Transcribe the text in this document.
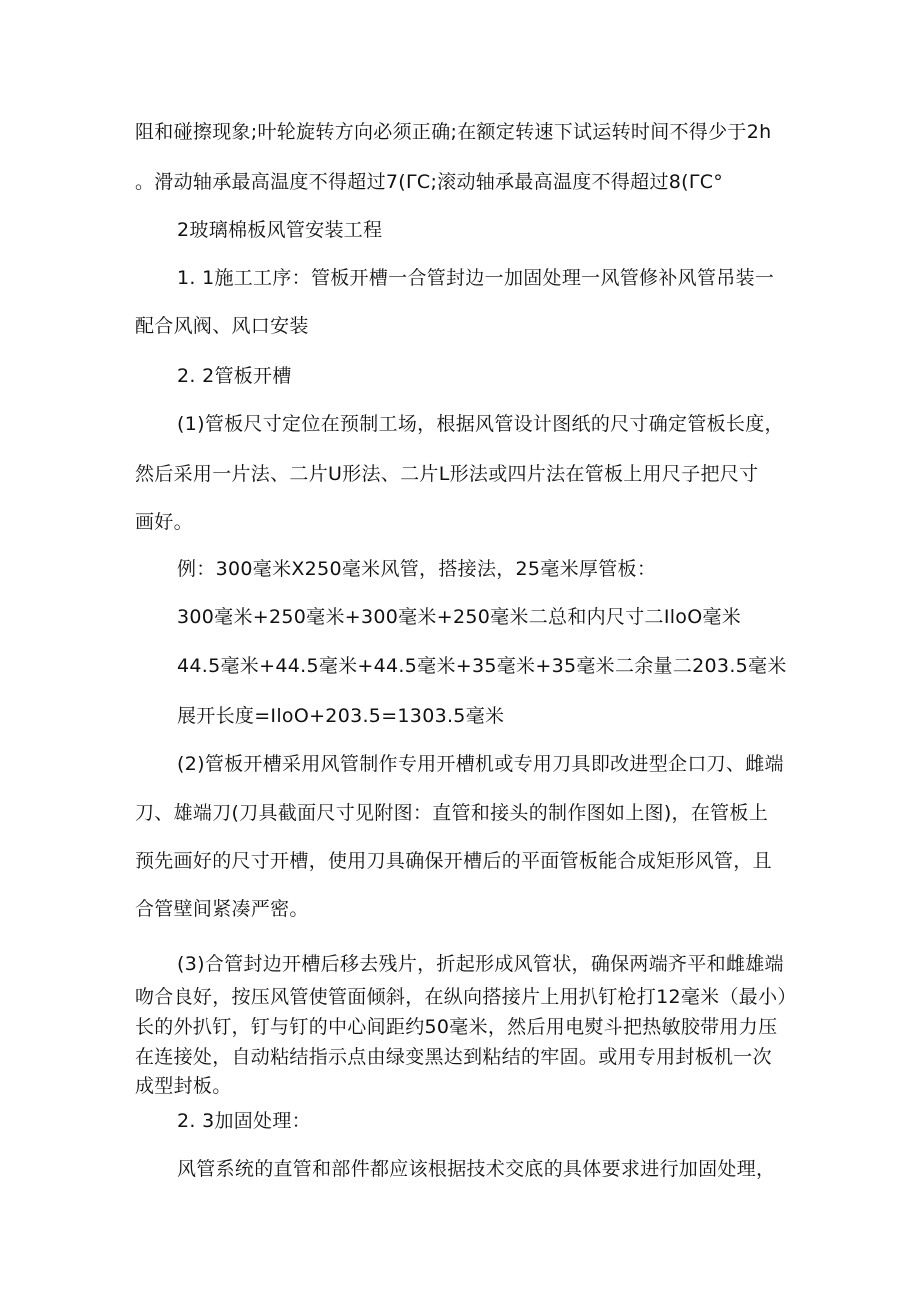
阻和碰擦现象;叶轮旋转方向必须正确;在额定转速下试运转时间不得少于2h

。滑动轴承最高温度不得超过7(ΓC;滚动轴承最高温度不得超过8(ΓC°

2玻璃棉板风管安装工程

1. 1施工工序：管板开槽一合管封边一加固处理一风管修补风管吊装一

配合风阀、风口安装

2. 2管板开槽

(1)管板尺寸定位在预制工场，根据风管设计图纸的尺寸确定管板长度，

然后采用一片法、二片U形法、二片L形法或四片法在管板上用尺子把尺寸

画好。

例：300毫米X250毫米风管，搭接法，25毫米厚管板：

300毫米+250毫米+300毫米+250毫米二总和内尺寸二IloO毫米

44.5毫米+44.5毫米+44.5毫米+35毫米+35毫米二余量二203.5毫米

展开长度=IloO+203.5=1303.5毫米

(2)管板开槽采用风管制作专用开槽机或专用刀具即改进型企口刀、雌端

刀、雄端刀(刀具截面尺寸见附图：直管和接头的制作图如上图)，在管板上

预先画好的尺寸开槽，使用刀具确保开槽后的平面管板能合成矩形风管，且

合管壁间紧凑严密。

(3)合管封边开槽后移去残片，折起形成风管状，确保两端齐平和雌雄端

吻合良好，按压风管使管面倾斜，在纵向搭接片上用扒钉枪打12毫米（最小）

长的外扒钉，钉与钉的中心间距约50毫米，然后用电熨斗把热敏胶带用力压

在连接处，自动粘结指示点由绿变黑达到粘结的牢固。或用专用封板机一次

成型封板。

2. 3加固处理：

风管系统的直管和部件都应该根据技术交底的具体要求进行加固处理，
